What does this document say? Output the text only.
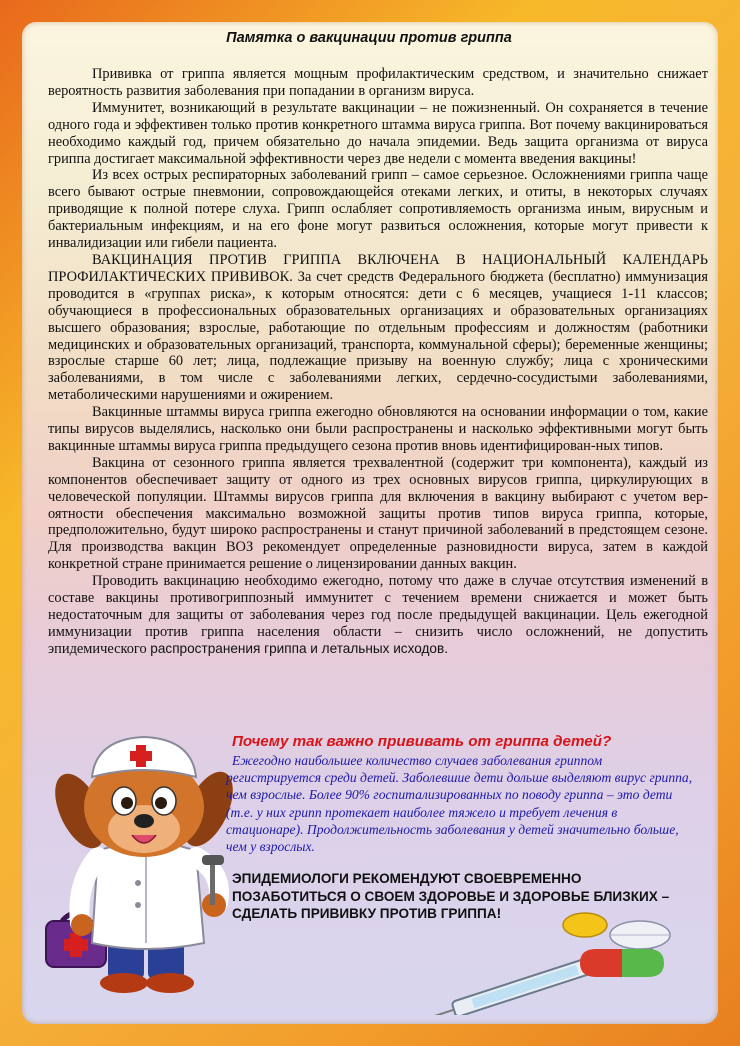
Памятка о вакцинации против гриппа

Прививка от гриппа является мощным профилактическим средством, и значительно снижает вероятность развития заболевания при попадании в организм вируса.

Иммунитет, возникающий в результате вакцинации – не пожизненный. Он сохраняется в течение одного года и эффективен только против конкретного штамма вируса гриппа. Вот почему вакцинироваться необходимо каждый год, причем обязательно до начала эпидемии. Ведь защита организма от вируса гриппа достигает максимальной эффективности через две недели с момента введения вакцины!

Из всех острых респираторных заболеваний грипп – самое серьезное. Осложнениями гриппа чаще всего бывают острые пневмонии, сопровождающейся отеками легких, и отиты, в некоторых случаях приводящие к полной потере слуха. Грипп ослабляет сопротивляемость организма иным, вирусным и бактериальным инфекциям, и на его фоне могут развиться осложнения, которые могут привести к инвалидизации или гибели пациента.

ВАКЦИНАЦИЯ ПРОТИВ ГРИППА ВКЛЮЧЕНА В НАЦИОНАЛЬНЫЙ КАЛЕНДАРЬ ПРОФИЛАКТИЧЕСКИХ ПРИВИВОК. За счет средств Федерального бюджета (бесплатно) иммунизация проводится в «группах риска», к которым относятся: дети с 6 месяцев, учащиеся 1-11 классов; обучающиеся в профессиональных образовательных организациях и образовательных организациях высшего образования; взрослые, работающие по отдельным профессиям и должностям (работники медицинских и образовательных организаций, транспорта, коммунальной сферы); беременные женщины; взрослые старше 60 лет; лица, подлежащие призыву на военную службу; лица с хроническими заболеваниями, в том числе с заболеваниями легких, сердечно-сосудистыми заболеваниями, метаболическими нарушениями и ожирением.

Вакцинные штаммы вируса гриппа ежегодно обновляются на основании информации о том, какие типы вирусов выделялись, насколько они были распространены и насколько эффективными могут быть вакцинные штаммы вируса гриппа предыдущего сезона против вновь идентифицирован-ных типов.

Вакцина от сезонного гриппа является трехвалентной (содержит три компонента), каждый из компонентов обеспечивает защиту от одного из трех основных вирусов гриппа, циркулирующих в человеческой популяции. Штаммы вирусов гриппа для включения в вакцину выбирают с учетом вер-оятности обеспечения максимально возможной защиты против типов вируса гриппа, которые, предположительно, будут широко распространены и станут причиной заболеваний в предстоящем сезоне. Для производства вакцин ВОЗ рекомендует определенные разновидности вируса, затем в каждой конкретной стране принимается решение о лицензировании данных вакцин.

Проводить вакцинацию необходимо ежегодно, потому что даже в случае отсутствия изменений в составе вакцины противогриппозный иммунитет с течением времени снижается и может быть недостаточным для защиты от заболевания через год после предыдущей вакцинации. Цель ежегодной иммунизации против гриппа населения области – снизить число осложнений, не допустить эпидемического распространения гриппа и летальных исходов.

Почему так важно прививать от гриппа детей?
Ежегодно наибольшее количество случаев заболевания гриппом регистрируется среди детей. Заболевшие дети дольше выделяют вирус гриппа, чем взрослые. Более 90% госпитализированных по поводу гриппа – это дети (т.е. у них грипп протекает наиболее тяжело и требует лечения в стационаре). Продолжительность заболевания у детей значительно больше, чем у взрослых.
ЭПИДЕМИОЛОГИ РЕКОМЕНДУЮТ СВОЕВРЕМЕННО ПОЗАБОТИТЬСЯ О СВОЕМ ЗДОРОВЬЕ И ЗДОРОВЬЕ БЛИЗКИХ – СДЕЛАТЬ ПРИВИВКУ ПРОТИВ ГРИППА!
